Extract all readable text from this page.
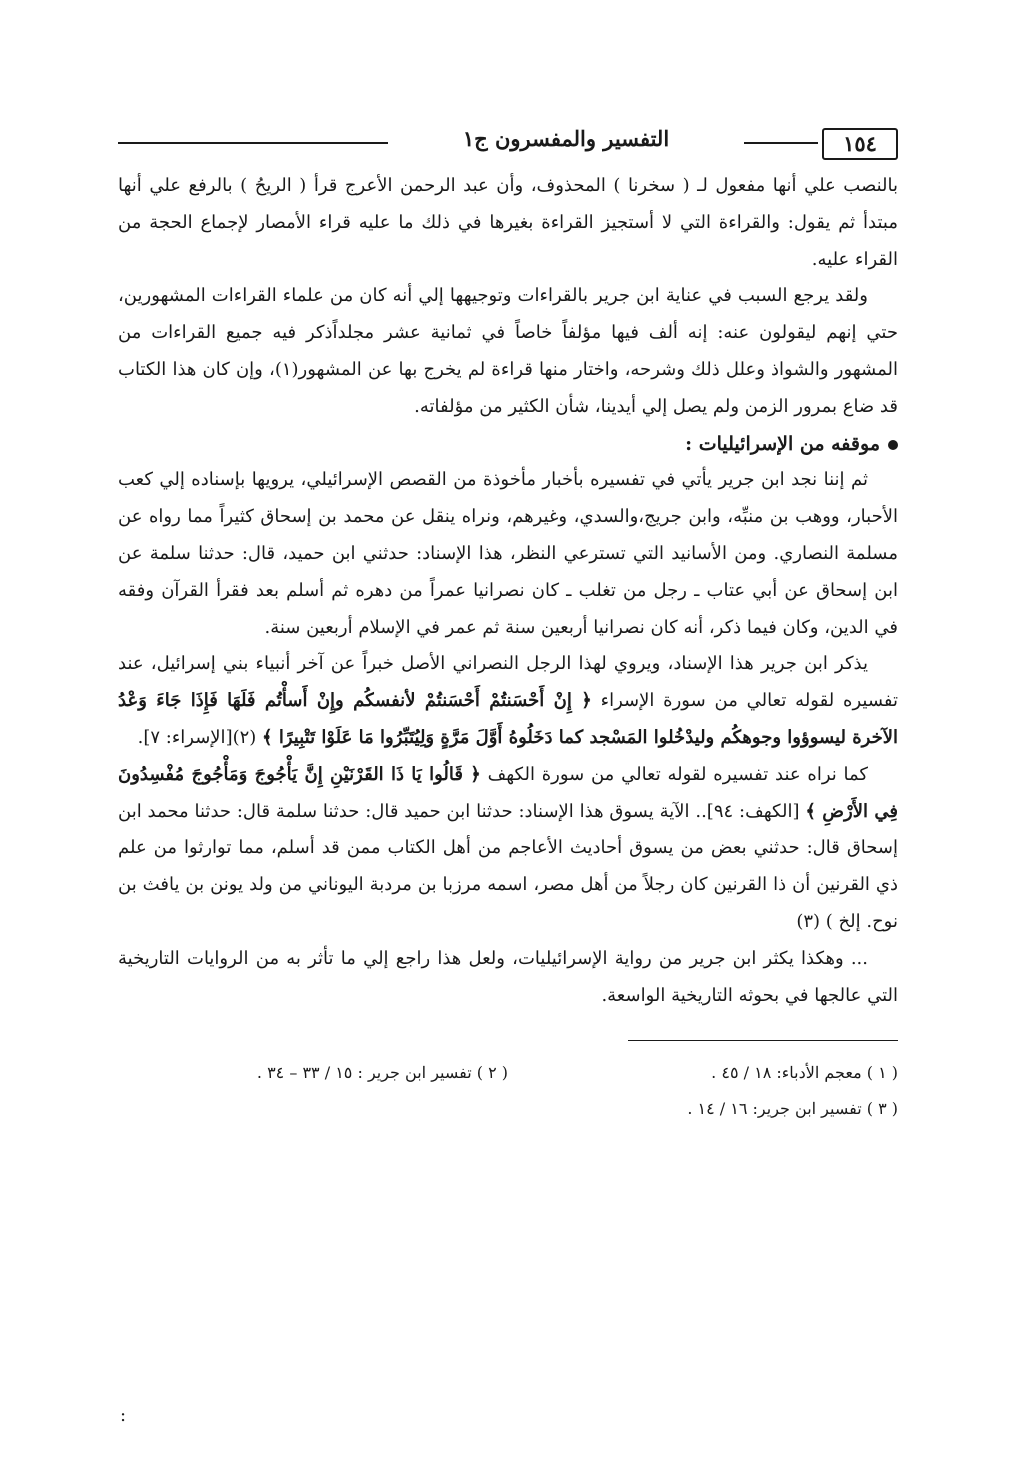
١٥٤
التفسير والمفسرون ج١

بالنصب علي أنها مفعول لـ ( سخرنا ) المحذوف، وأن عبد الرحمن الأعرج قرأ ( الريحُ ) بالرفع علي أنها مبتدأ ثم يقول: والقراءة التي لا أستجيز القراءة بغيرها في ذلك ما عليه قراء الأمصار لإجماع الحجة من القراء عليه.

ولقد يرجع السبب في عناية ابن جرير بالقراءات وتوجيهها إلي أنه كان من علماء القراءات المشهورين، حتي إنهم ليقولون عنه: إنه ألف فيها مؤلفاً خاصاً في ثمانية عشر مجلداًذكر فيه جميع القراءات من المشهور والشواذ وعلل ذلك وشرحه، واختار منها قراءة لم يخرج بها عن المشهور(١)، وإن كان هذا الكتاب قد ضاع بمرور الزمن ولم يصل إلي أيدينا، شأن الكثير من مؤلفاته.

موقفه من الإسرائيليات :

ثم إننا نجد ابن جرير يأتي في تفسيره بأخبار مأخوذة من القصص الإسرائيلي، يرويها بإسناده إلي كعب الأحبار، ووهب بن منبِّه، وابن جريج،والسدي، وغيرهم، ونراه ينقل عن محمد بن إسحاق كثيراً مما رواه عن مسلمة النصاري. ومن الأسانيد التي تسترعي النظر، هذا الإسناد: حدثني ابن حميد، قال: حدثنا سلمة عن ابن إسحاق عن أبي عتاب ـ رجل من تغلب ـ كان نصرانيا عمراً من دهره ثم أسلم بعد فقرأ القرآن وفقه في الدين، وكان فيما ذكر، أنه كان نصرانيا أربعين سنة ثم عمر في الإسلام أربعين سنة.

يذكر ابن جرير هذا الإسناد، ويروي لهذا الرجل النصراني الأصل خبراً عن آخر أنبياء بني إسرائيل، عند تفسيره لقوله تعالي من سورة الإسراء ﴿ إِنْ أَحْسَنتُمْ أَحْسَنتُمْ لأنفسكُم وإِنْ أَسأْتُم فَلَهَا فَإِذَا جَاءَ وَعْدُ الآخرة ليسوؤوا وجوهكُم وليدْخُلوا المَسْجد كما دَخَلُوهُ أَوَّلَ مَرَّةٍ وَلِيُتَبِّرُوا مَا عَلَوْا تَتْبِيرًا ﴾ (٢)[الإسراء: ٧].

كما نراه عند تفسيره لقوله تعالي من سورة الكهف ﴿ قَالُوا يَا ذَا القَرْنَيْنِ إِنَّ يَأْجُوجَ وَمَأْجُوجَ مُفْسِدُونَ فِي الأَرْضِ ﴾ [الكهف: ٩٤].. الآية يسوق هذا الإسناد: حدثنا ابن حميد قال: حدثنا سلمة قال: حدثنا محمد ابن إسحاق قال: حدثني بعض من يسوق أحاديث الأعاجم من أهل الكتاب ممن قد أسلم، مما توارثوا من علم ذي القرنين أن ذا القرنين كان رجلاً من أهل مصر، اسمه مرزبا بن مردبة اليوناني من ولد يونن بن يافث بن نوح. إلخ ) (٣)

... وهكذا يكثر ابن جرير من رواية الإسرائيليات، ولعل هذا راجع إلي ما تأثر به من الروايات التاريخية التي عالجها في بحوثه التاريخية الواسعة.

( ١ ) معجم الأدباء: ١٨ / ٤٥ .
( ٢ ) تفسير ابن جرير : ١٥ / ٣٣ – ٣٤ .
( ٣ ) تفسير ابن جرير: ١٦ / ١٤ .
:
